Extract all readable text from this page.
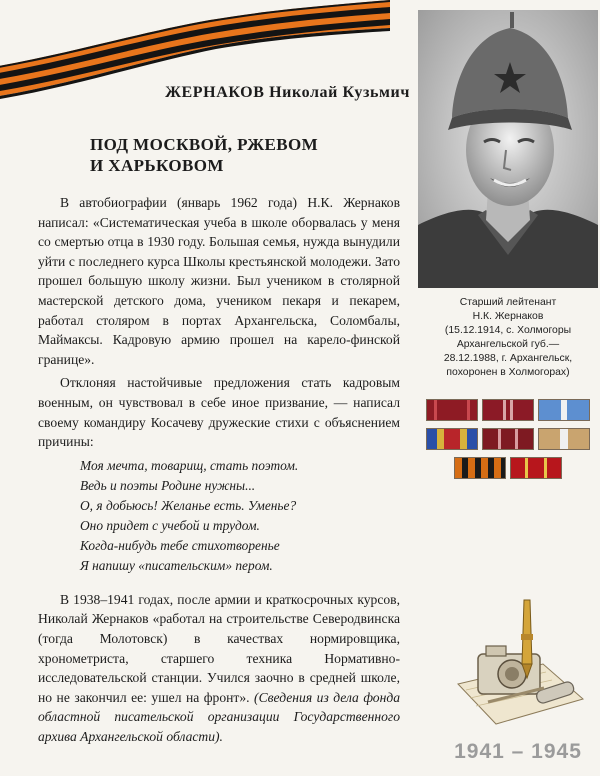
ЖЕРНАКОВ Николай Кузьмич
ПОД МОСКВОЙ, РЖЕВОМ
И ХАРЬКОВОМ

В автобиографии (январь 1962 года) Н.К. Жернаков написал: «Систематическая учеба в школе оборвалась у меня со смертью отца в 1930 году. Большая семья, нужда вынудили уйти с последнего курса Школы крестьянской молодежи. Зато прошел большую школу жизни. Был учеником в столярной мастерской детского дома, учеником пекаря и пекарем, работал столяром в портах Архангельска, Соломбалы, Маймаксы. Кадровую армию прошел на карело-финской границе».

Отклоняя настойчивые предложения стать кадровым военным, он чувствовал в себе иное призвание, — написал своему командиру Косачеву дружеские стихи с объяснением причины:

Моя мечта, товарищ, стать поэтом.
Ведь и поэты Родине нужны...
О, я добьюсь! Желанье есть. Уменье?
Оно придет с учебой и трудом.
Когда-нибудь тебе стихотворенье
Я напишу «писательским» пером.

В 1938–1941 годах, после армии и краткосрочных курсов, Николай Жернаков «работал на строительстве Северодвинска (тогда Молотовск) в качествах нормировщика, хронометриста, старшего техника Нормативно-исследовательской станции. Учился заочно в средней школе, но не закончил ее: ушел на фронт». (Сведения из дела фонда областной писательской организации Государственного архива Архангельской области).

Старший лейтенант
Н.К. Жернаков
(15.12.1914, с. Холмогоры
Архангельской губ.—
28.12.1988, г. Архангельск,
похоронен в Холмогорах)
1941 – 1945
